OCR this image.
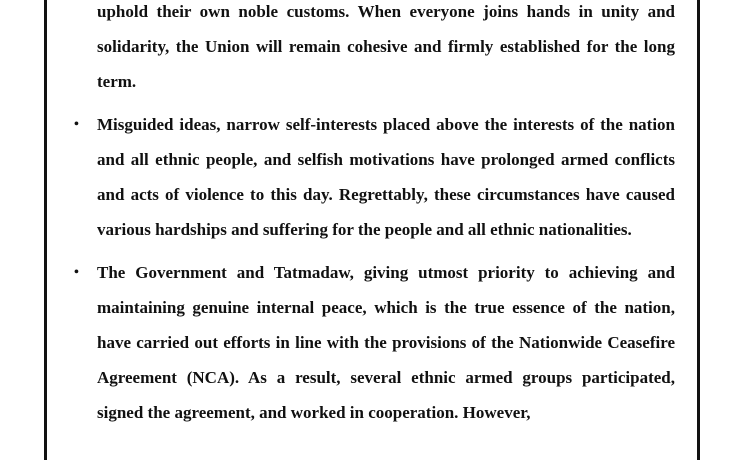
uphold their own noble customs. When everyone joins hands in unity and solidarity, the Union will remain cohesive and firmly established for the long term.
• Misguided ideas, narrow self-interests placed above the interests of the nation and all ethnic people, and selfish motivations have prolonged armed conflicts and acts of violence to this day. Regrettably, these circumstances have caused various hardships and suffering for the people and all ethnic nationalities.
• The Government and Tatmadaw, giving utmost priority to achieving and maintaining genuine internal peace, which is the true essence of the nation, have carried out efforts in line with the provisions of the Nationwide Ceasefire Agreement (NCA). As a result, several ethnic armed groups participated, signed the agreement, and worked in cooperation. However,
